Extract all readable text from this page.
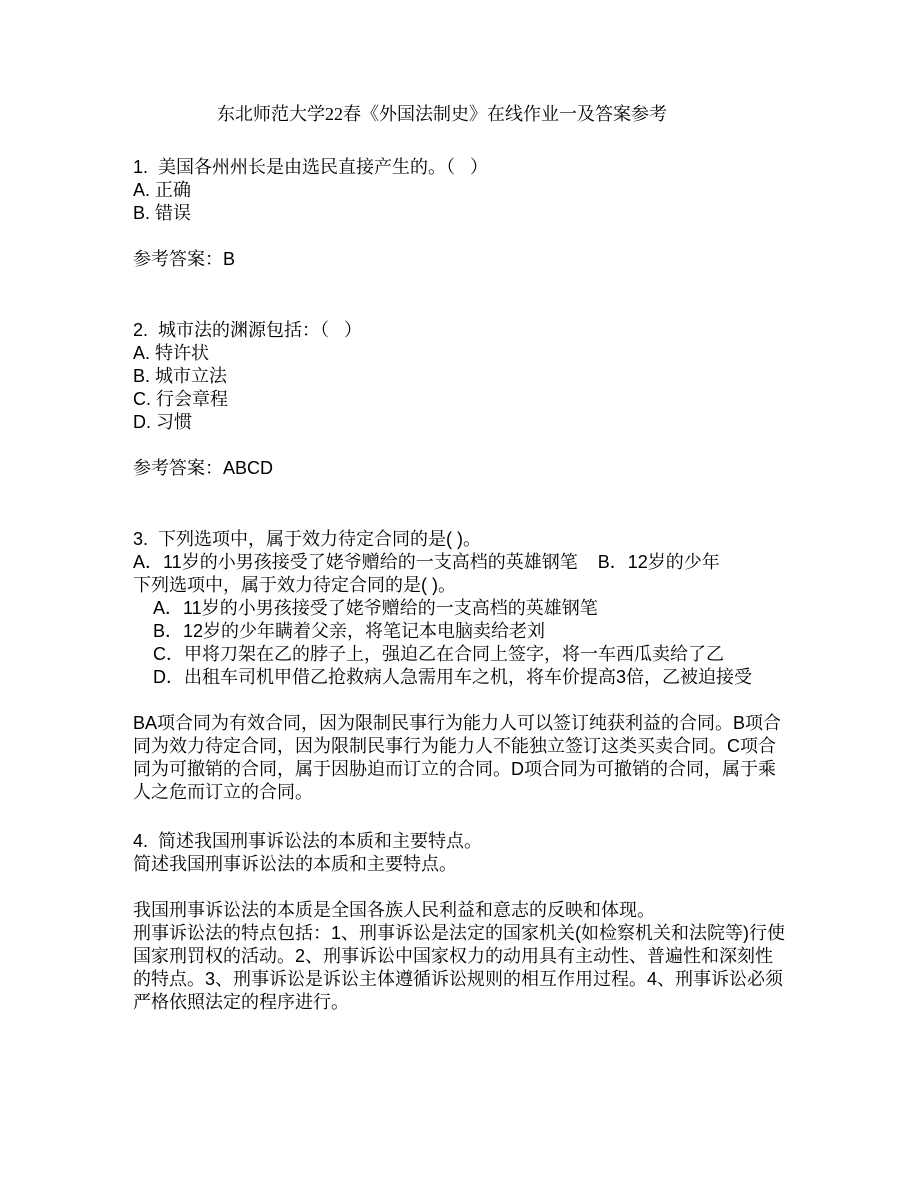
东北师范大学22春《外国法制史》在线作业一及答案参考

1.  美国各州州长是由选民直接产生的。（   ）

A. 正确

B. 错误

参考答案：B

2.  城市法的渊源包括：（   ）

A. 特许状

B. 城市立法

C. 行会章程

D. 习惯

参考答案：ABCD

3.  下列选项中，属于效力待定合同的是( )。

A．11岁的小男孩接受了姥爷赠给的一支高档的英雄钢笔    B．12岁的少年

下列选项中，属于效力待定合同的是( )。

A．11岁的小男孩接受了姥爷赠给的一支高档的英雄钢笔

B．12岁的少年瞒着父亲，将笔记本电脑卖给老刘

C．甲将刀架在乙的脖子上，强迫乙在合同上签字，将一车西瓜卖给了乙

D．出租车司机甲借乙抢救病人急需用车之机，将车价提高3倍，乙被迫接受

BA项合同为有效合同，因为限制民事行为能力人可以签订纯获利益的合同。B项合同为效力待定合同，因为限制民事行为能力人不能独立签订这类买卖合同。C项合同为可撤销的合同，属于因胁迫而订立的合同。D项合同为可撤销的合同，属于乘人之危而订立的合同。

4.  简述我国刑事诉讼法的本质和主要特点。

简述我国刑事诉讼法的本质和主要特点。

我国刑事诉讼法的本质是全国各族人民利益和意志的反映和体现。

刑事诉讼法的特点包括：1、刑事诉讼是法定的国家机关(如检察机关和法院等)行使国家刑罚权的活动。2、刑事诉讼中国家权力的动用具有主动性、普遍性和深刻性的特点。3、刑事诉讼是诉讼主体遵循诉讼规则的相互作用过程。4、刑事诉讼必须严格依照法定的程序进行。
